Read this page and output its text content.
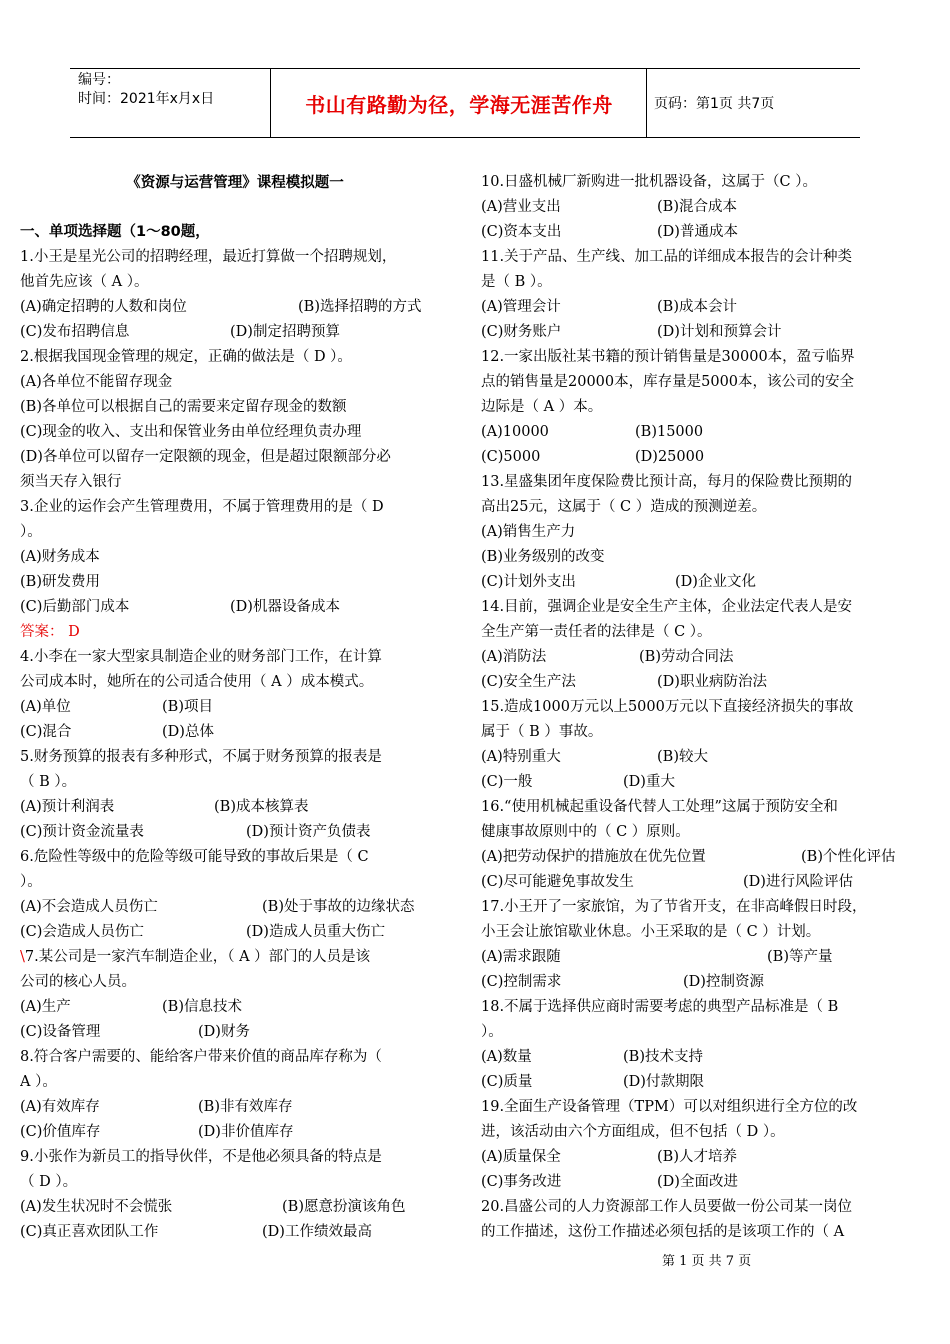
编号：
时间：2021年x月x日	书山有路勤为径，学海无涯苦作舟	页码：第1页 共7页
《资源与运营管理》课程模拟题一
一、单项选择题（1～80题，
1.小王是星光公司的招聘经理，最近打算做一个招聘规划，
他首先应该（ A ）。
(A)确定招聘的人数和岗位	(B)选择招聘的方式
(C)发布招聘信息	(D)制定招聘预算
2.根据我国现金管理的规定，正确的做法是（ D ）。
(A)各单位不能留存现金
(B)各单位可以根据自己的需要来定留存现金的数额
(C)现金的收入、支出和保管业务由单位经理负责办理
(D)各单位可以留存一定限额的现金，但是超过限额部分必
须当天存入银行
3.企业的运作会产生管理费用，不属于管理费用的是（ D
）。
(A)财务成本
(B)研发费用
(C)后勤部门成本	(D)机器设备成本
答案： D
4.小李在一家大型家具制造企业的财务部门工作，在计算
公司成本时，她所在的公司适合使用（ A ）成本模式。
(A)单位	(B)项目
(C)混合	(D)总体
5.财务预算的报表有多种形式，不属于财务预算的报表是
（ B ）。
(A)预计利润表	(B)成本核算表
(C)预计资金流量表	(D)预计资产负债表
6.危险性等级中的危险等级可能导致的事故后果是（ C
）。
(A)不会造成人员伤亡	(B)处于事故的边缘状态
(C)会造成人员伤亡	(D)造成人员重大伤亡
\7.某公司是一家汽车制造企业，（ A ）部门的人员是该
公司的核心人员。
(A)生产	(B)信息技术
(C)设备管理	(D)财务
8.符合客户需要的、能给客户带来价值的商品库存称为（
A ）。
(A)有效库存	(B)非有效库存
(C)价值库存	(D)非价值库存
9.小张作为新员工的指导伙伴，不是他必须具备的特点是
（ D ）。
(A)发生状况时不会慌张	(B)愿意扮演该角色
(C)真正喜欢团队工作	(D)工作绩效最高
10.日盛机械厂新购进一批机器设备，这属于（C ）。
(A)营业支出	(B)混合成本
(C)资本支出	(D)普通成本
11.关于产品、生产线、加工品的详细成本报告的会计种类
是（ B ）。
(A)管理会计	(B)成本会计
(C)财务账户	(D)计划和预算会计
12.一家出版社某书籍的预计销售量是30000本，盈亏临界
点的销售量是20000本，库存量是5000本，该公司的安全
边际是（ A ）本。
(A)10000	(B)15000
(C)5000	(D)25000
13.星盛集团年度保险费比预计高，每月的保险费比预期的
高出25元，这属于（ C ）造成的预测逆差。
(A)销售生产力
(B)业务级别的改变
(C)计划外支出	(D)企业文化
14.目前，强调企业是安全生产主体，企业法定代表人是安
全生产第一责任者的法律是（ C ）。
(A)消防法	(B)劳动合同法
(C)安全生产法	(D)职业病防治法
15.造成1000万元以上5000万元以下直接经济损失的事故
属于（ B ）事故。
(A)特别重大	(B)较大
(C)一般	(D)重大
16.“使用机械起重设备代替人工处理”这属于预防安全和
健康事故原则中的（ C ）原则。
(A)把劳动保护的措施放在优先位置	(B)个性化评估
(C)尽可能避免事故发生	(D)进行风险评估
17.小王开了一家旅馆，为了节省开支，在非高峰假日时段，
小王会让旅馆歇业休息。小王采取的是（ C ）计划。
(A)需求跟随	(B)等产量
(C)控制需求	(D)控制资源
18.不属于选择供应商时需要考虑的典型产品标准是（ B
）。
(A)数量	(B)技术支持
(C)质量	(D)付款期限
19.全面生产设备管理（TPM）可以对组织进行全方位的改
进，该活动由六个方面组成，但不包括（ D ）。
(A)质量保全	(B)人才培养
(C)事务改进	(D)全面改进
20.昌盛公司的人力资源部工作人员要做一份公司某一岗位
的工作描述，这份工作描述必须包括的是该项工作的（ A
第 1 页 共 7 页
